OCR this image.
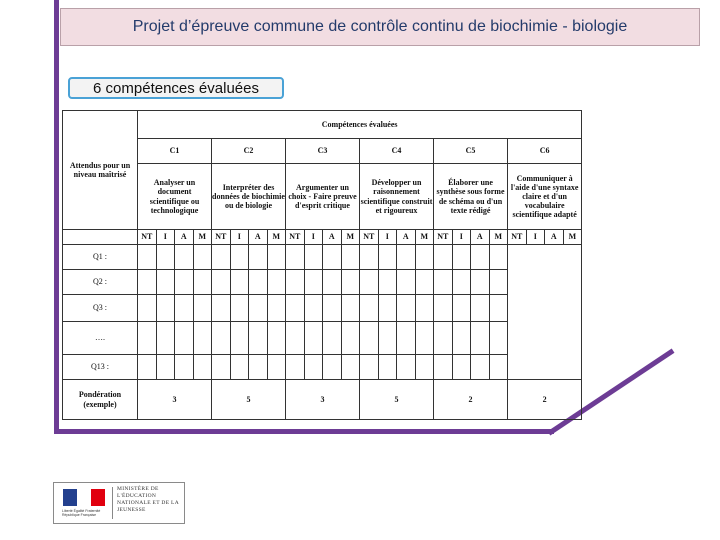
Projet d’épreuve commune de contrôle continu de biochimie - biologie
6 compétences évaluées
Attendus pour un niveau maîtrisé	Compétences évaluées																							
	C1				C2				C3				C4				C5				C6			
	Analyser un document scientifique ou technologique				Interpréter des données de biochimie ou de biologie				Argumenter un choix - Faire preuve d'esprit critique				Développer un raisonnement scientifique construit et rigoureux				Élaborer une synthèse sous forme de schéma ou d'un texte rédigé				Communiquer à l'aide d'une syntaxe claire et d'un vocabulaire scientifique adapté			
	NT	I	A	M	NT	I	A	M	NT	I	A	M	NT	I	A	M	NT	I	A	M	NT	I	A	M
Q1 :																								
Q2 :																								
Q3 :																								
….																								
Q13 :																								
Pondération (exemple)	3				5				3				5				2				2			
Liberté Égalité Fraternité République Française
MINISTÈRE DE L'ÉDUCATION NATIONALE ET DE LA JEUNESSE
